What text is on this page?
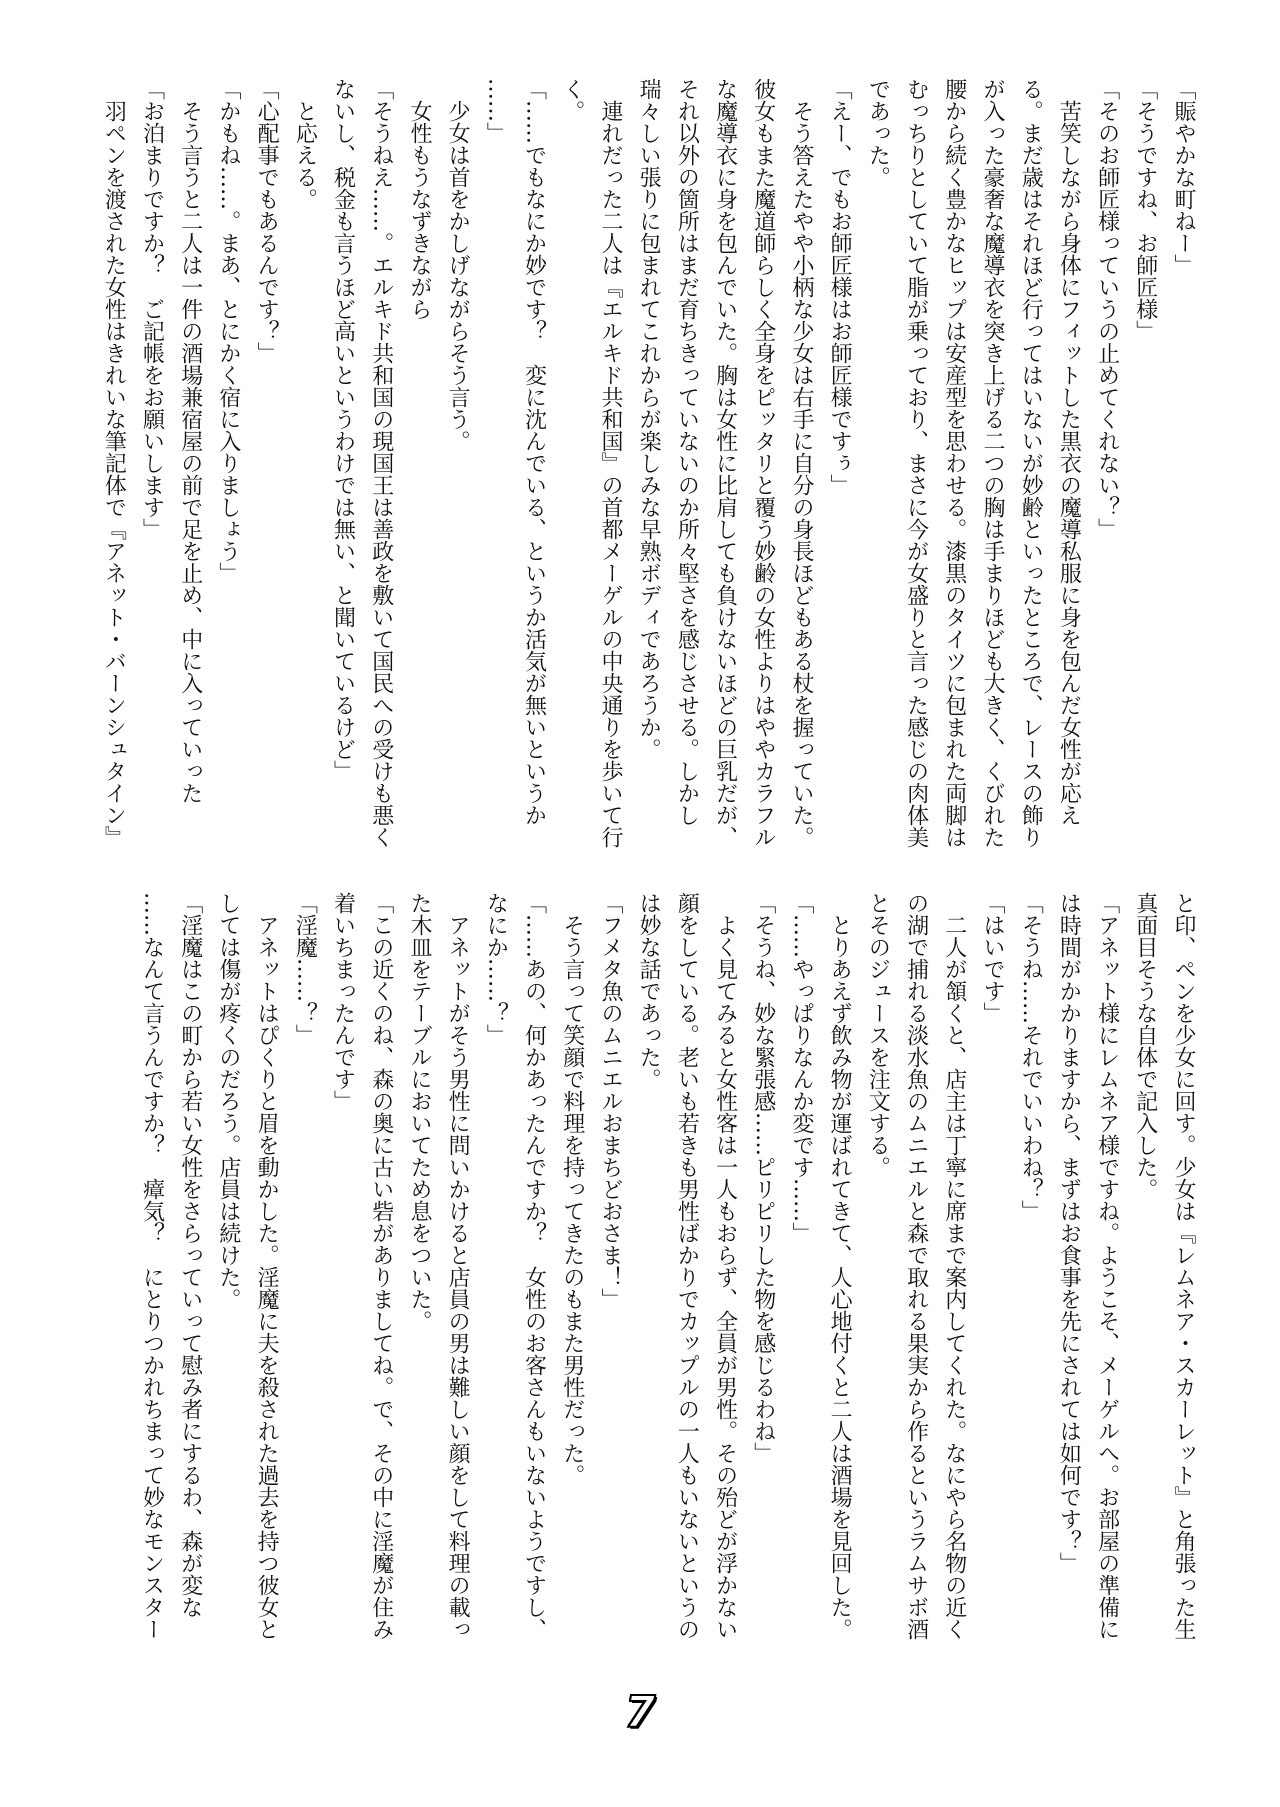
「賑やかな町ねー」

「そうですね、お師匠様」

「そのお師匠様っていうの止めてくれない？」

　苦笑しながら身体にフィットした黒衣の魔導私服に身を包んだ女性が応え

る。まだ歳はそれほど行ってはいないが妙齢といったところで、レースの飾り

が入った豪奢な魔導衣を突き上げる二つの胸は手まりほども大きく、くびれた

腰から続く豊かなヒップは安産型を思わせる。漆黒のタイツに包まれた両脚は

むっちりとしていて脂が乗っており、まさに今が女盛りと言った感じの肉体美

であった。

「えー、でもお師匠様はお師匠様ですぅ」

　そう答えたやや小柄な少女は右手に自分の身長ほどもある杖を握っていた。

彼女もまた魔道師らしく全身をピッタリと覆う妙齢の女性よりはややカラフル

な魔導衣に身を包んでいた。胸は女性に比肩しても負けないほどの巨乳だが、

それ以外の箇所はまだ育ちきっていないのか所々堅さを感じさせる。しかし

瑞々しい張りに包まれてこれからが楽しみな早熟ボディであろうか。

　連れだった二人は『エルキド共和国』の首都メーゲルの中央通りを歩いて行

く。

「……でもなにか妙です？　変に沈んでいる、というか活気が無いというか

……」

　少女は首をかしげながらそう言う。

　女性もうなずきながら

「そうねえ……。エルキド共和国の現国王は善政を敷いて国民への受けも悪く

ないし、税金も言うほど高いというわけでは無い、と聞いているけど」

　と応える。

「心配事でもあるんです？」

「かもね……。まあ、とにかく宿に入りましょう」

　そう言うと二人は一件の酒場兼宿屋の前で足を止め、中に入っていった

「お泊まりですか？　ご記帳をお願いします」

　羽ペンを渡された女性はきれいな筆記体で『アネット・バーンシュタイン』

と印、ペンを少女に回す。少女は『レムネア・スカーレット』と角張った生

真面目そうな自体で記入した。

「アネット様にレムネア様ですね。ようこそ、メーゲルへ。お部屋の準備に

は時間がかかりますから、まずはお食事を先にされては如何です？」

「そうね……それでいいわね？」

「はいです」

　二人が頷くと、店主は丁寧に席まで案内してくれた。なにやら名物の近く

の湖で捕れる淡水魚のムニエルと森で取れる果実から作るというラムサボ酒

とそのジュースを注文する。

　とりあえず飲み物が運ばれてきて、人心地付くと二人は酒場を見回した。

「……やっぱりなんか変です……」

「そうね、妙な緊張感……ピリピリした物を感じるわね」

　よく見てみると女性客は一人もおらず、全員が男性。その殆どが浮かない

顔をしている。老いも若きも男性ばかりでカップルの一人もいないというの

は妙な話であった。

「フメタ魚のムニエルおまちどおさま！」

　そう言って笑顔で料理を持ってきたのもまた男性だった。

「……あの、何かあったんですか？　女性のお客さんもいないようですし、

なにか……？」

　アネットがそう男性に問いかけると店員の男は難しい顔をして料理の載っ

た木皿をテーブルにおいてため息をついた。

「この近くのね、森の奥に古い砦がありましてね。で、その中に淫魔が住み

着いちまったんです」

「淫魔……？」

　アネットはぴくりと眉を動かした。淫魔に夫を殺された過去を持つ彼女と

しては傷が疼くのだろう。店員は続けた。

「淫魔はこの町から若い女性をさらっていって慰み者にするわ、森が変な

……なんて言うんですか？　瘴気？　にとりつかれちまって妙なモンスター

7
